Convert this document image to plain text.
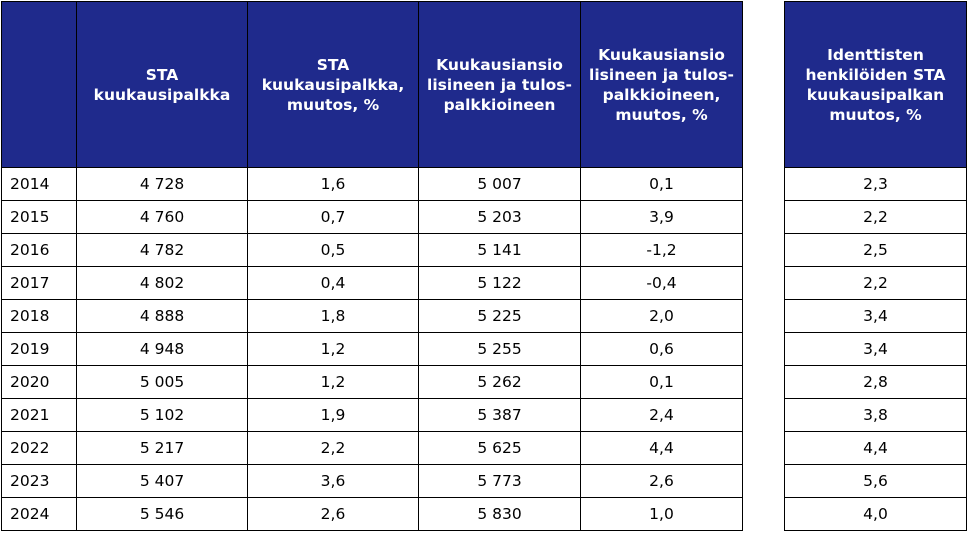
	STA kuukausipalkka	STA kuukausipalkka, muutos, %	Kuukausiansio lisineen ja tulos-palkkioineen	Kuukausiansio lisineen ja tulos-palkkioineen, muutos, %		Identtisten henkilöiden STA kuukausipalkan muutos, %

2014	4 728	1,6	5 007	0,1		2,3
2015	4 760	0,7	5 203	3,9		2,2
2016	4 782	0,5	5 141	-1,2		2,5
2017	4 802	0,4	5 122	-0,4		2,2
2018	4 888	1,8	5 225	2,0		3,4
2019	4 948	1,2	5 255	0,6		3,4
2020	5 005	1,2	5 262	0,1		2,8
2021	5 102	1,9	5 387	2,4		3,8
2022	5 217	2,2	5 625	4,4		4,4
2023	5 407	3,6	5 773	2,6		5,6
2024	5 546	2,6	5 830	1,0		4,0
